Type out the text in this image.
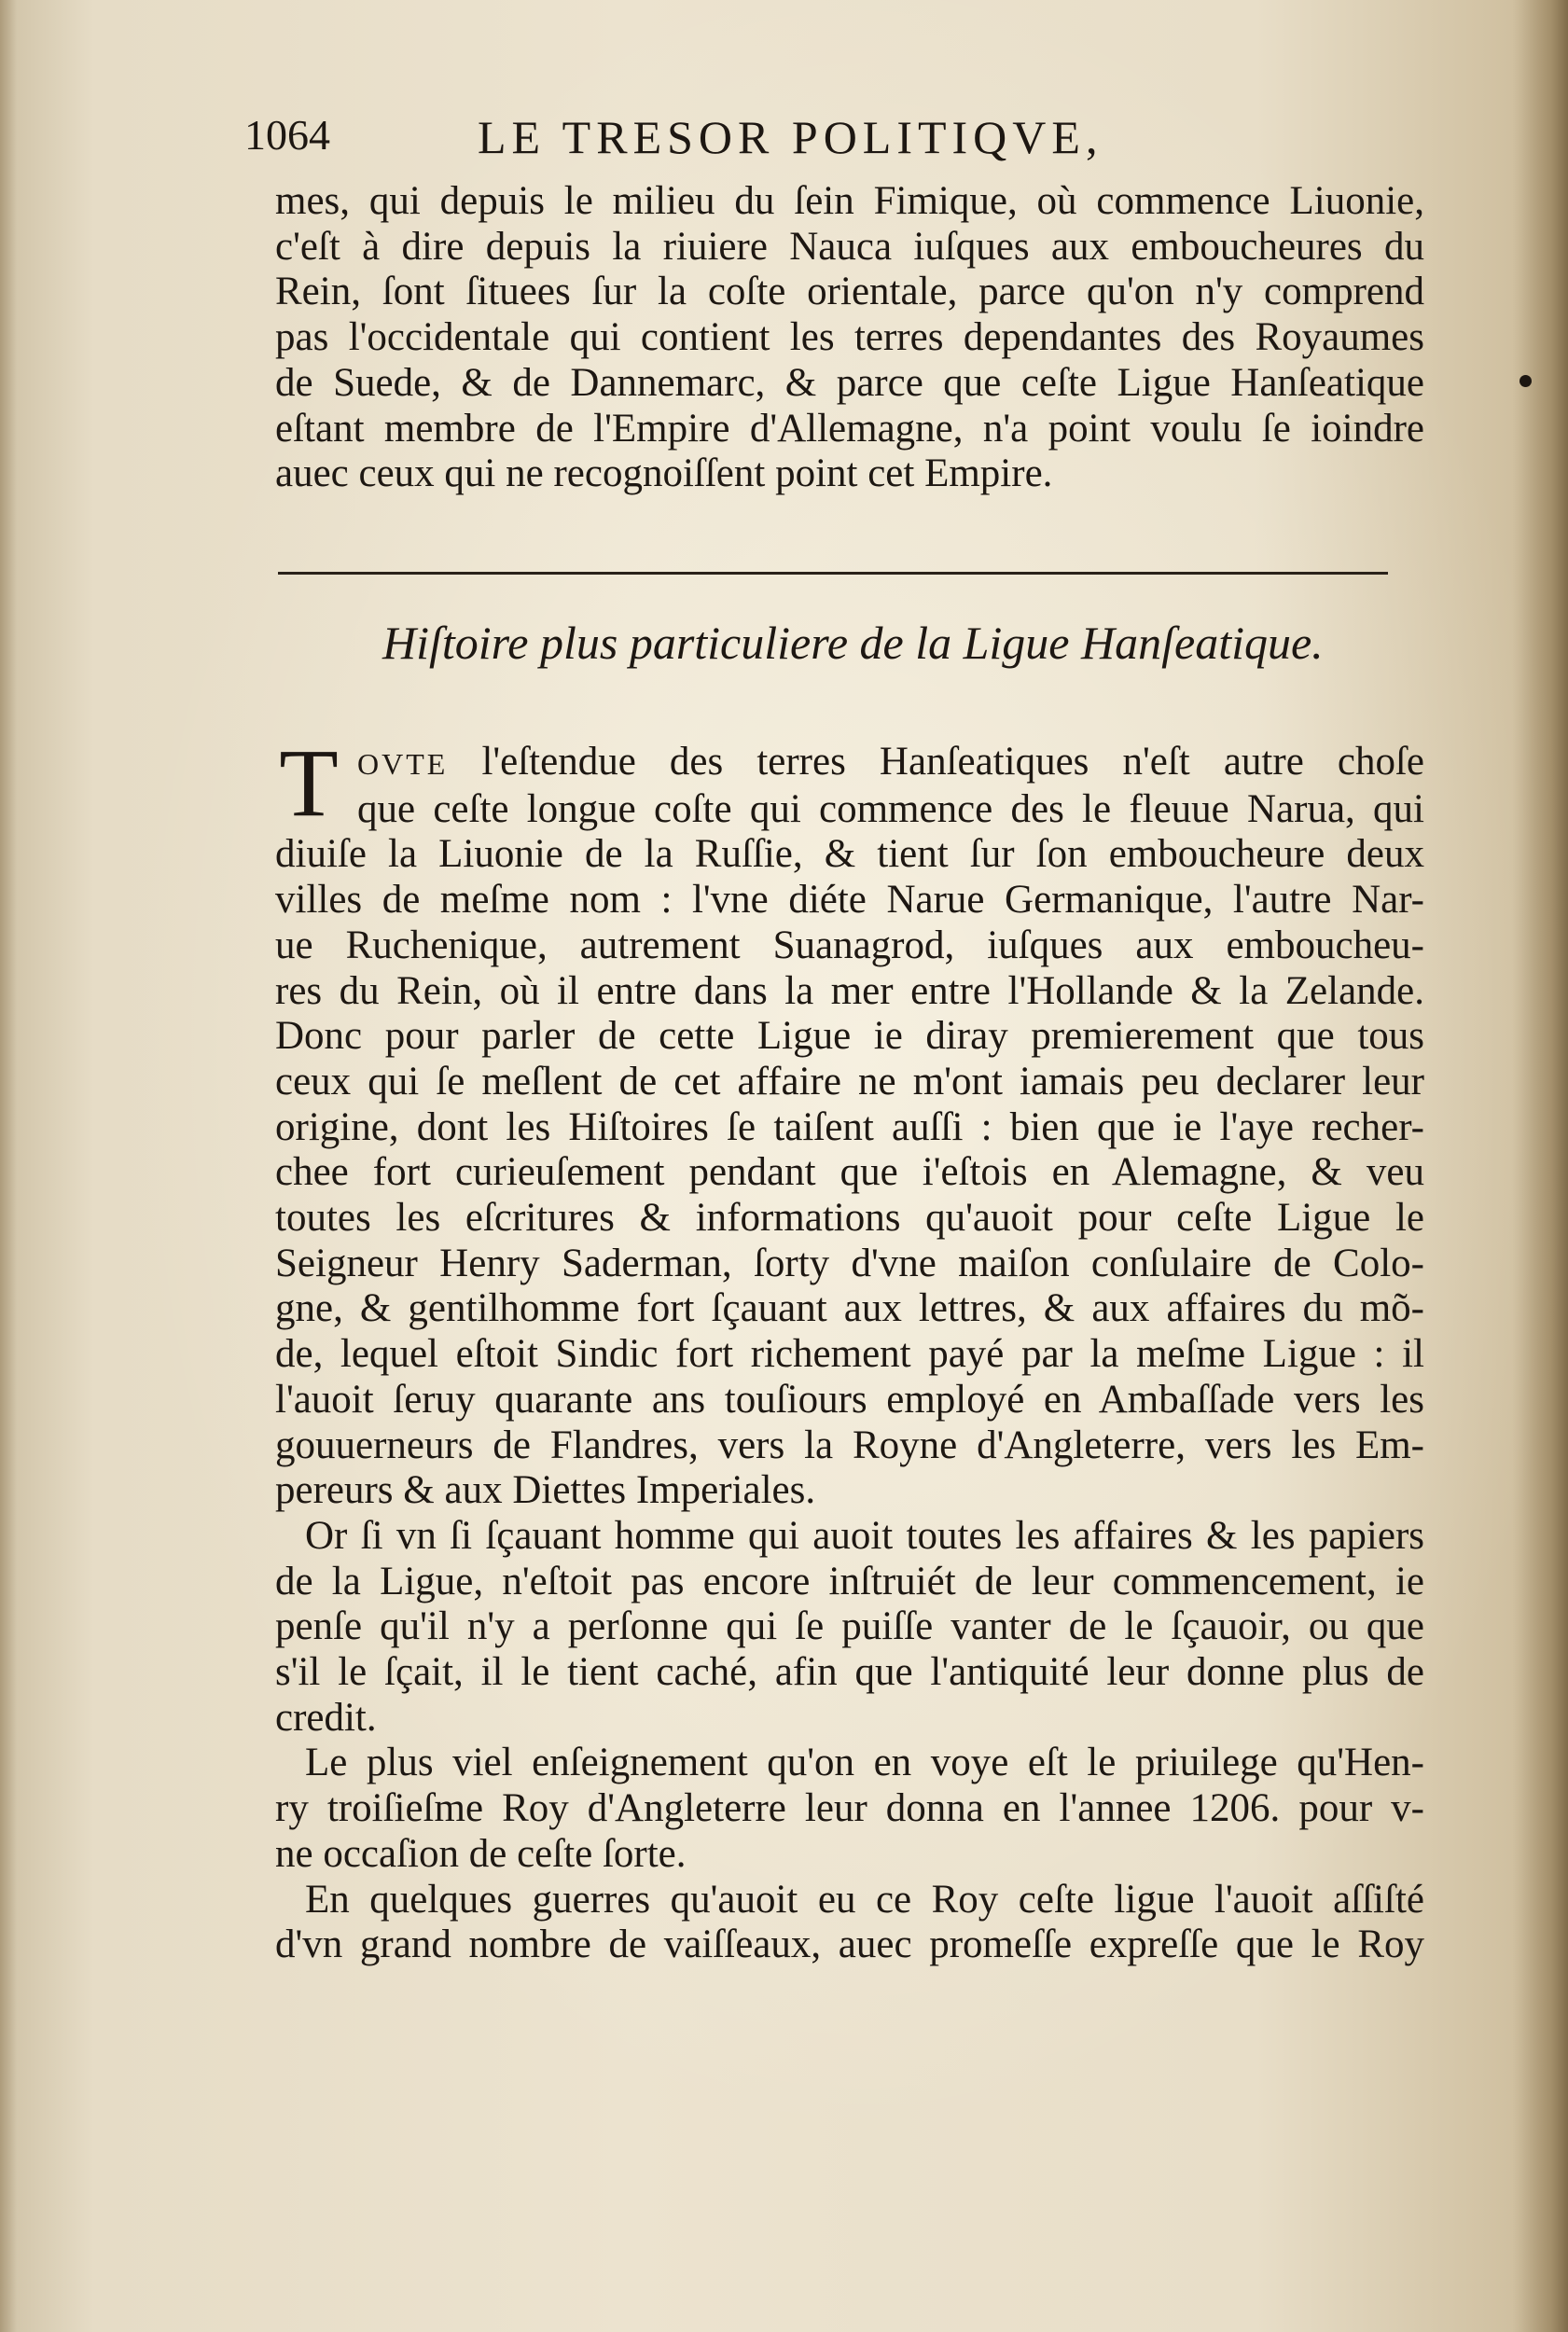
1064	LE TRESOR POLITIQVE,
mes, qui depuis le milieu du ſein Fimique, où commence Liuonie,
c'eſt à dire depuis la riuiere Nauca iuſques aux emboucheures du
Rein, ſont ſituees ſur la coſte orientale, parce qu'on n'y comprend
pas l'occidentale qui contient les terres dependantes des Royaumes
de Suede, & de Dannemarc, & parce que ceſte Ligue Hanſeatique
eſtant membre de l'Empire d'Allemagne, n'a point voulu ſe ioindre
auec ceux qui ne recognoiſſent point cet Empire.
Hiſtoire plus particuliere de la Ligue Hanſeatique.
T OVTE l'eſtendue des terres Hanſeatiques n'eſt autre choſe
que ceſte longue coſte qui commence des le fleuue Narua, qui
diuiſe la Liuonie de la Ruſſie, & tient ſur ſon emboucheure deux
villes de meſme nom : l'vne diéte Narue Germanique, l'autre Nar-
ue Ruchenique, autrement Suanagrod, iuſques aux emboucheu-
res du Rein, où il entre dans la mer entre l'Hollande & la Zelande.
Donc pour parler de cette Ligue ie diray premierement que tous
ceux qui ſe meſlent de cet affaire ne m'ont iamais peu declarer leur
origine, dont les Hiſtoires ſe taiſent auſſi : bien que ie l'aye recher-
chee fort curieuſement pendant que i'eſtois en Alemagne, & veu
toutes les eſcritures & informations qu'auoit pour ceſte Ligue le
Seigneur Henry Saderman, ſorty d'vne maiſon conſulaire de Colo-
gne, & gentilhomme fort ſçauant aux lettres, & aux affaires du mõ-
de, lequel eſtoit Sindic fort richement payé par la meſme Ligue : il
l'auoit ſeruy quarante ans touſiours employé en Ambaſſade vers les
gouuerneurs de Flandres, vers la Royne d'Angleterre, vers les Em-
pereurs & aux Diettes Imperiales.
Or ſi vn ſi ſçauant homme qui auoit toutes les affaires & les papiers
de la Ligue, n'eſtoit pas encore inſtruiét de leur commencement, ie
penſe qu'il n'y a perſonne qui ſe puiſſe vanter de le ſçauoir, ou que
s'il le ſçait, il le tient caché, afin que l'antiquité leur donne plus de
credit.
Le plus viel enſeignement qu'on en voye eſt le priuilege qu'Hen-
ry troiſieſme Roy d'Angleterre leur donna en l'annee 1206. pour v-
ne occaſion de ceſte ſorte.
En quelques guerres qu'auoit eu ce Roy ceſte ligue l'auoit aſſiſté
d'vn grand nombre de vaiſſeaux, auec promeſſe expreſſe que le Roy
